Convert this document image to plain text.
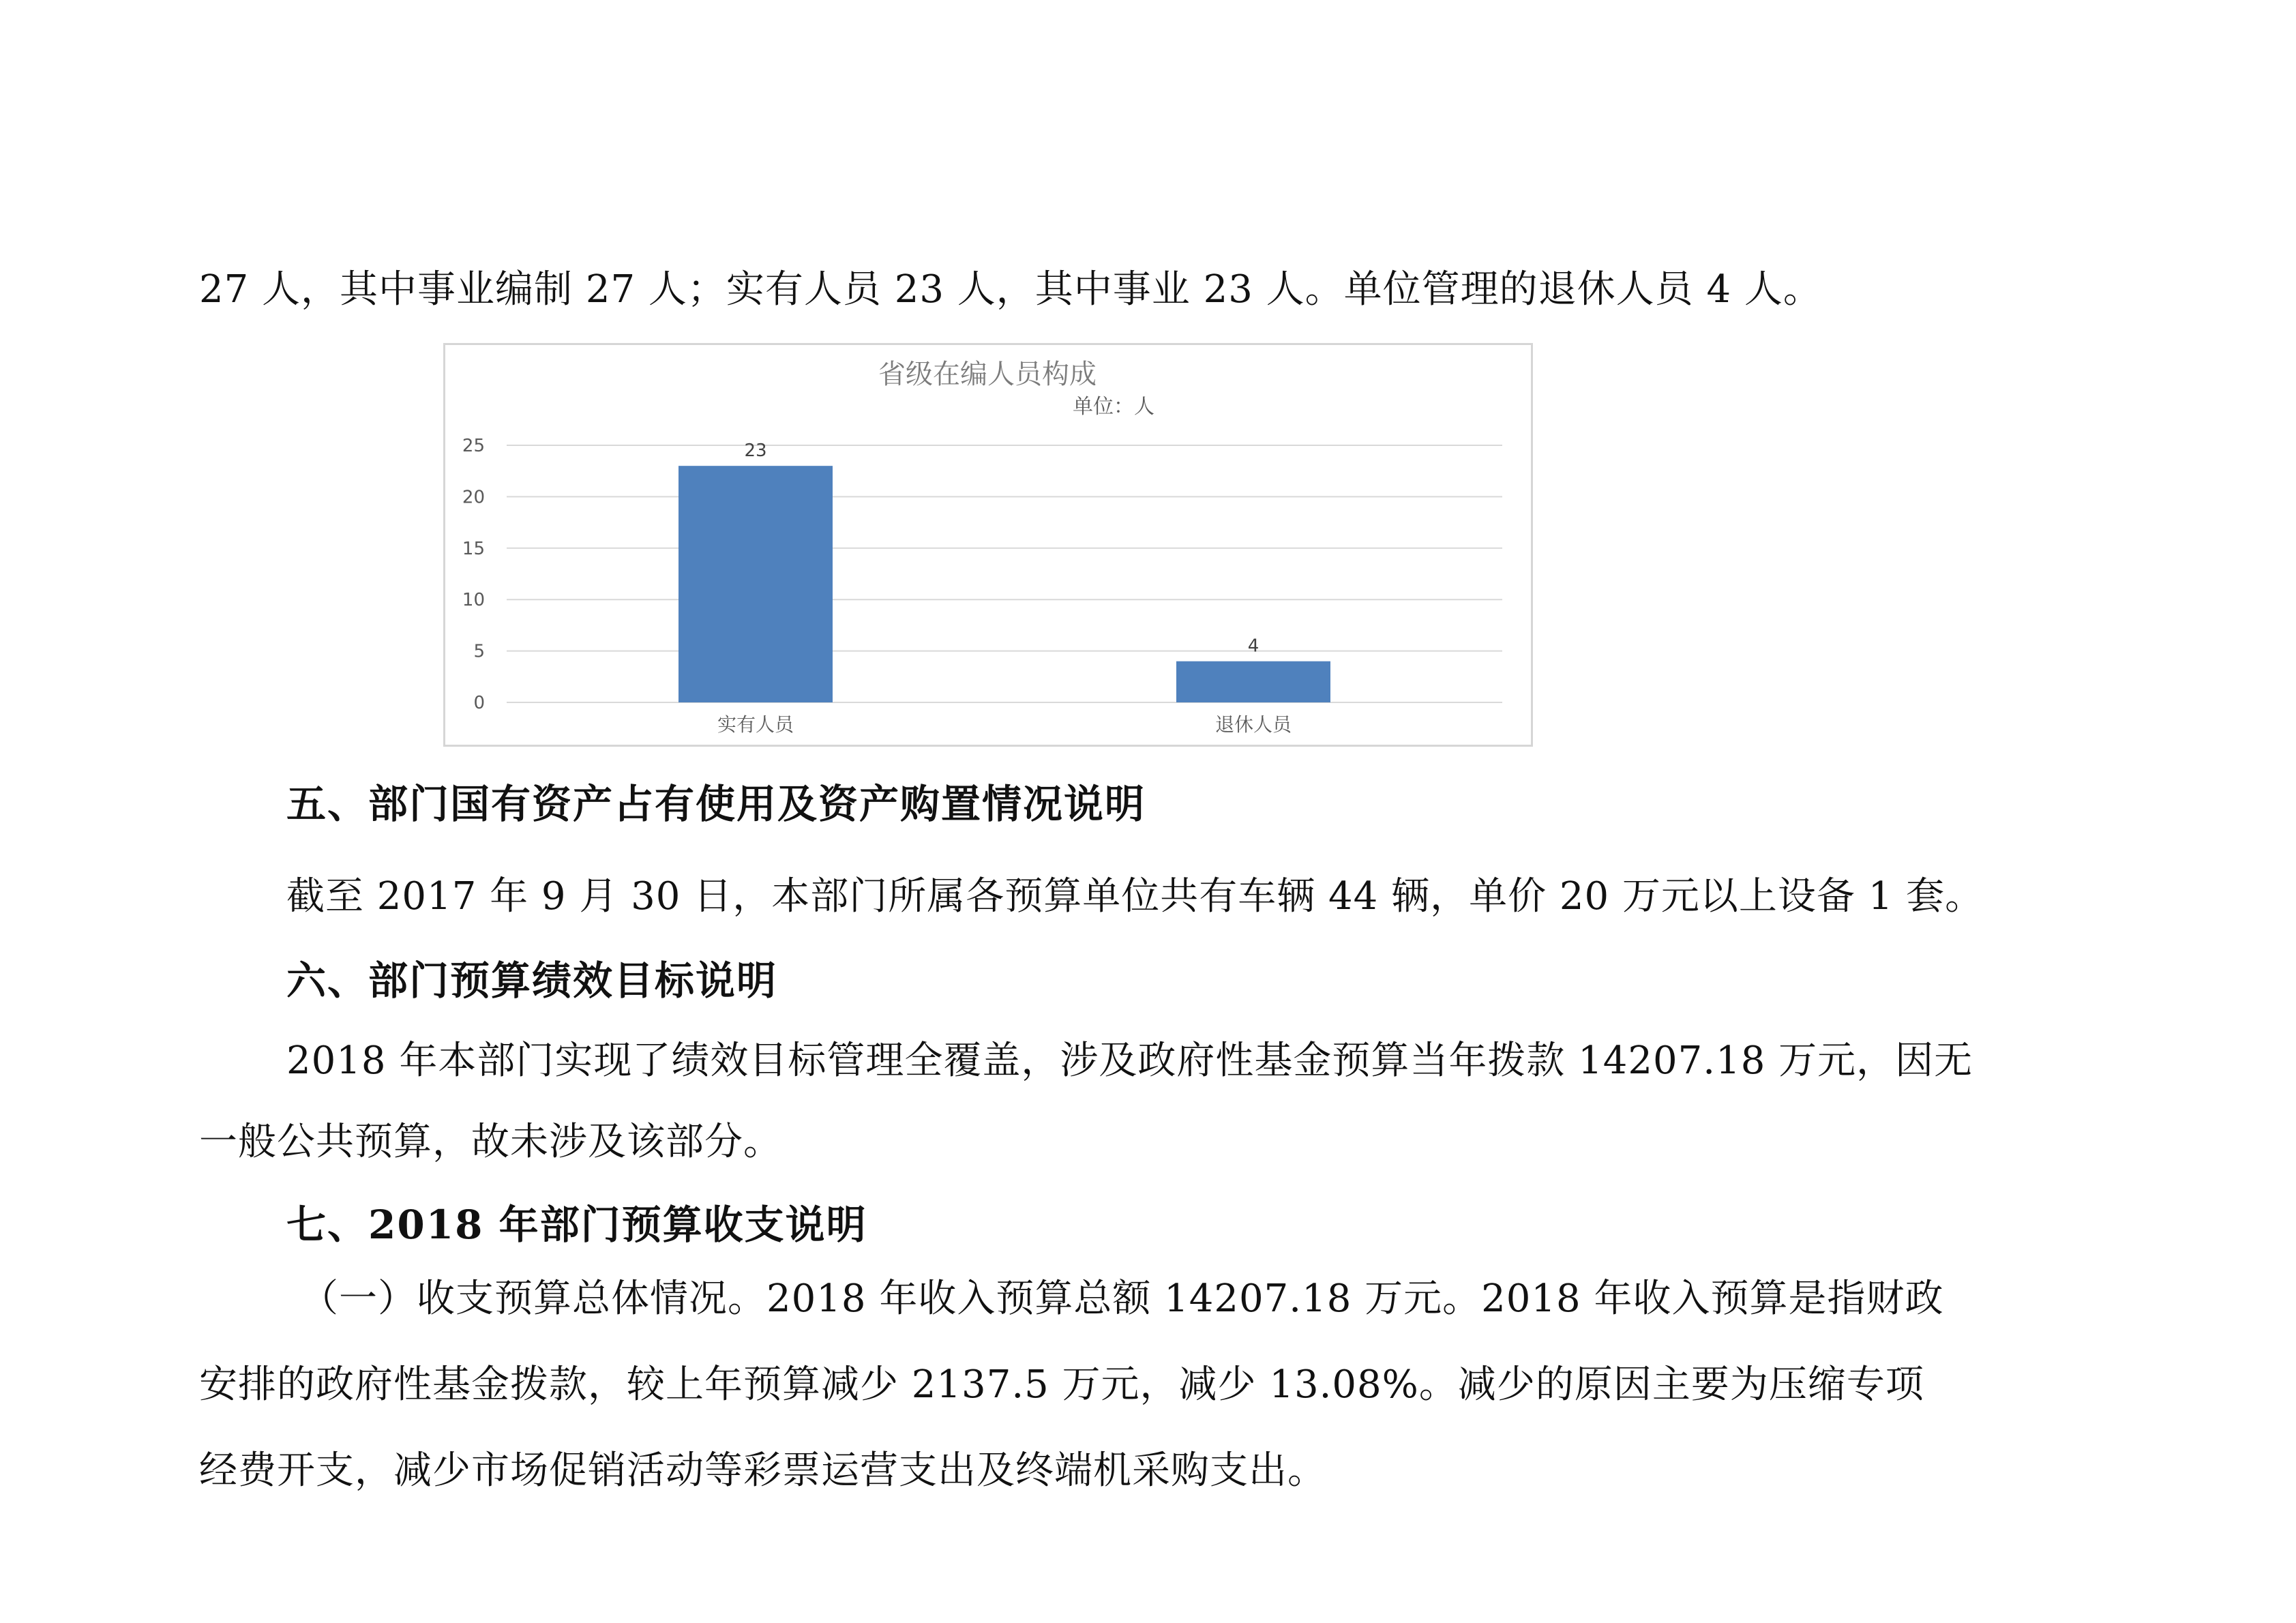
27 人，其中事业编制 27 人；实有人员 23 人，其中事业 23 人。单位管理的退休人员 4 人。
省级在编人员构成
单位：人
0
5
10
15
20
25	23
实有人员
4
退休人员
五、部门国有资产占有使用及资产购置情况说明
截至 2017 年 9 月 30 日，本部门所属各预算单位共有车辆 44 辆，单价 20 万元以上设备 1 套。
六、部门预算绩效目标说明
2018 年本部门实现了绩效目标管理全覆盖，涉及政府性基金预算当年拨款 14207.18 万元，因无
一般公共预算，故未涉及该部分。
七、2018 年部门预算收支说明
（一）收支预算总体情况。2018 年收入预算总额 14207.18 万元。2018 年收入预算是指财政
安排的政府性基金拨款，较上年预算减少 2137.5 万元，减少 13.08%。减少的原因主要为压缩专项
经费开支，减少市场促销活动等彩票运营支出及终端机采购支出。
